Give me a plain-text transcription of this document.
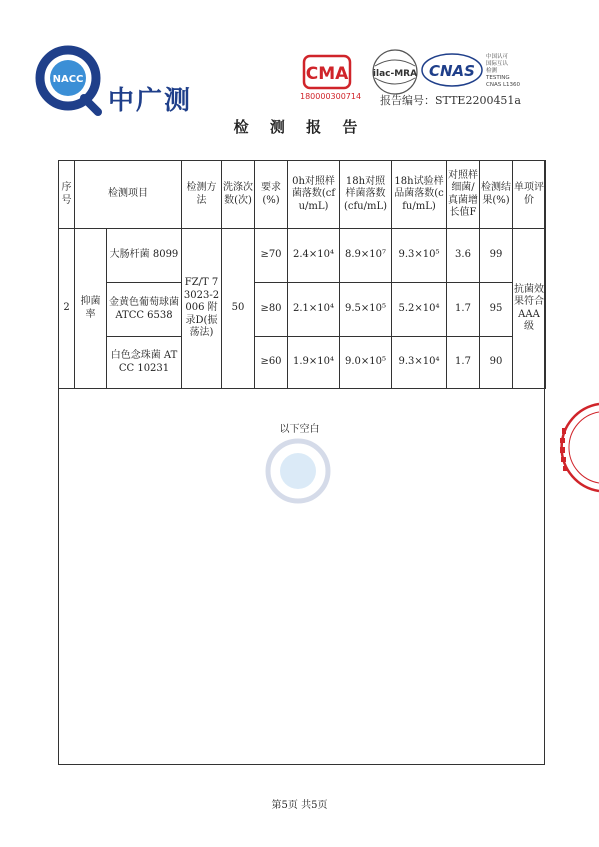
NACC
中广测
CMA	ilac-MRA CNAS
中国认可
国际互认
检测
TESTING
CNAS L1360
180000300714 报告编号：STTE2200451a
检 测 报 告
序号	检测项目		检测方法	洗涤次数(次)	要求(%)	0h对照样菌落数(cfu/mL)	18h对照样菌落数(cfu/mL)	18h试验样品菌落数(cfu/mL)	对照样细菌/真菌增长值F	检测结果(%)	单项评价
2	抑菌率	大肠杆菌 8099	FZ/T 73023-2006 附录D(振荡法)	50	≥70	2.4×10⁴	8.9×10⁷	9.3×10⁵	3.6	99	抗菌效果符合AAA级
		金黄色葡萄球菌 ATCC 6538			≥80	2.1×10⁴	9.5×10⁵	5.2×10⁴	1.7	95	
		白色念珠菌 ATCC 10231			≥60	1.9×10⁴	9.0×10⁵	9.3×10⁴	1.7	90	
以下空白
第5页 共5页
